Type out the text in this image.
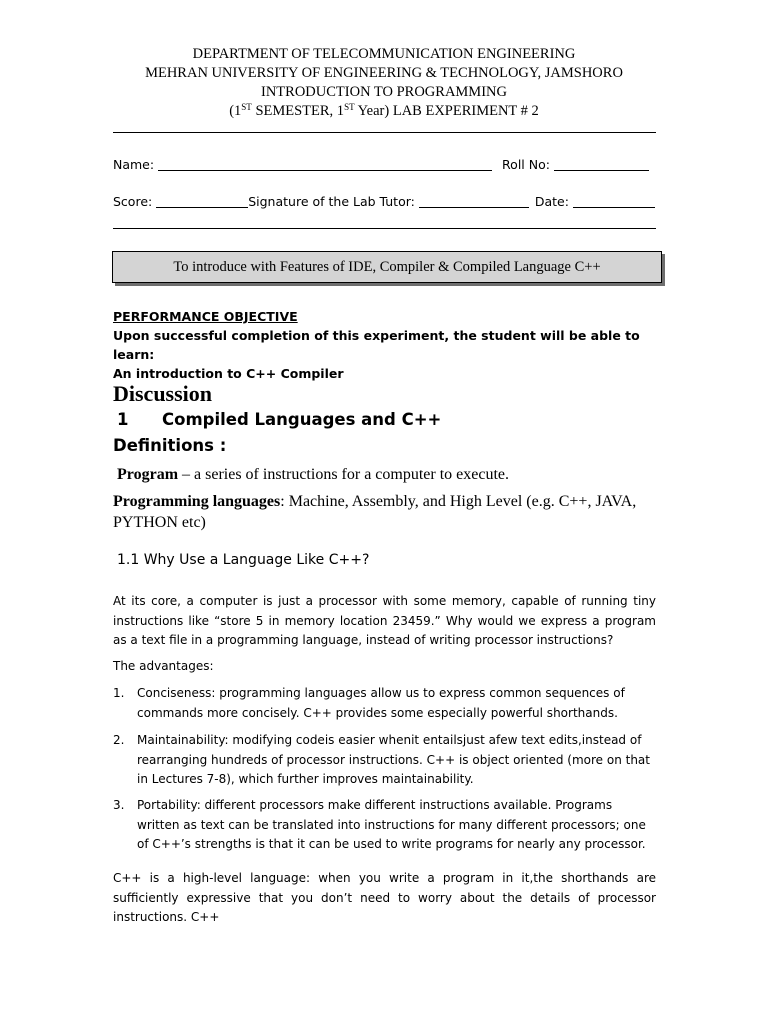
DEPARTMENT OF TELECOMMUNICATION ENGINEERING
MEHRAN UNIVERSITY OF ENGINEERING & TECHNOLOGY, JAMSHORO
INTRODUCTION TO PROGRAMMING
(1ST SEMESTER, 1ST Year) LAB EXPERIMENT # 2
Name:	Roll No:
Score:	Signature of the Lab Tutor:	Date:
To introduce with Features of IDE, Compiler & Compiled Language C++
PERFORMANCE OBJECTIVE
Upon successful completion of this experiment, the student will be able to learn:
An introduction to C++ Compiler
Discussion
1 Compiled Languages and C++
Definitions :
Program – a series of instructions for a computer to execute.
Programming languages: Machine, Assembly, and High Level (e.g. C++, JAVA, PYTHON etc)
1.1 Why Use a Language Like C++?
At its core, a computer is just a processor with some memory, capable of running tiny instructions like “store 5 in memory location 23459.” Why would we express a program as a text file in a programming language, instead of writing processor instructions?
The advantages:
1. Conciseness: programming languages allow us to express common sequences of commands more concisely. C++ provides some especially powerful shorthands.
2. Maintainability: modifying codeis easier whenit entailsjust afew text edits,instead of rearranging hundreds of processor instructions. C++ is object oriented (more on that in Lectures 7-8), which further improves maintainability.
3. Portability: different processors make different instructions available. Programs written as text can be translated into instructions for many different processors; one of C++’s strengths is that it can be used to write programs for nearly any processor.
C++ is a high-level language: when you write a program in it,the shorthands are sufficiently expressive that you don’t need to worry about the details of processor instructions. C++
